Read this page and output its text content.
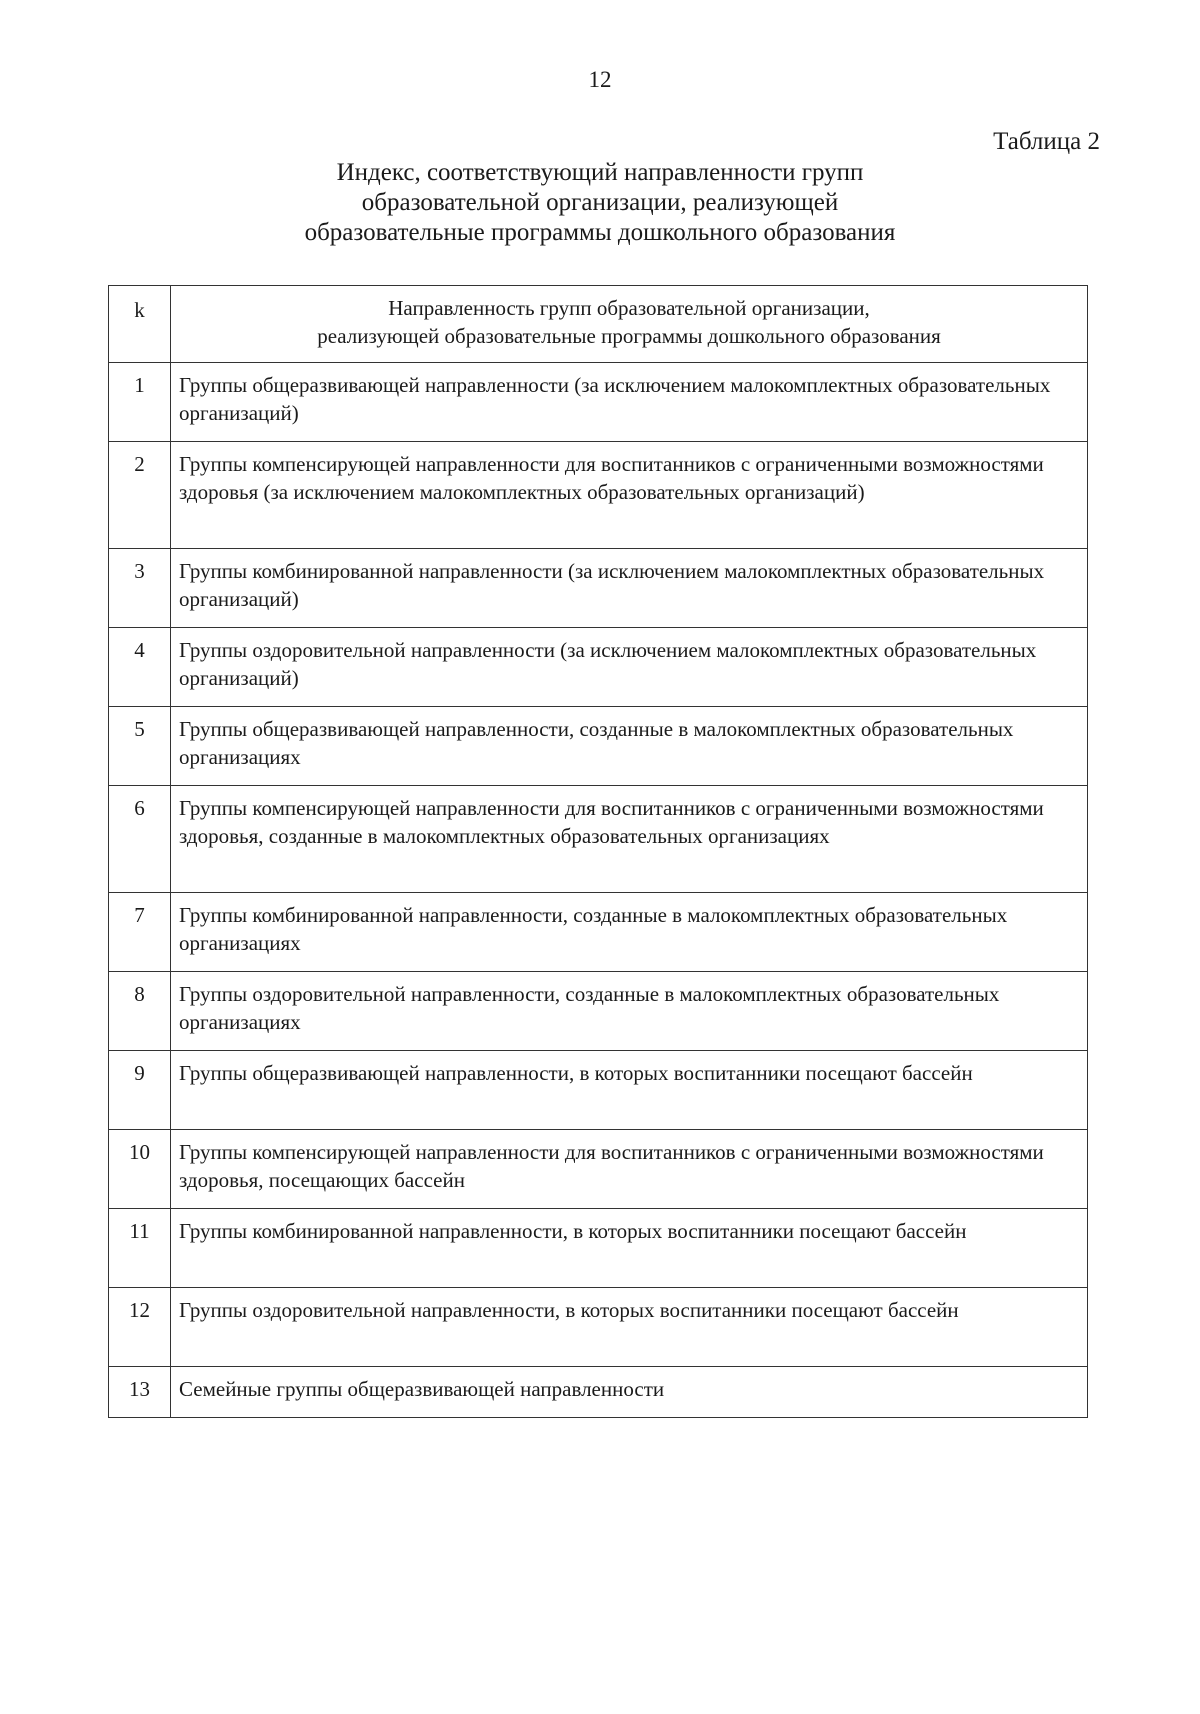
12
Таблица 2
Индекс, соответствующий направленности групп
образовательной организации, реализующей
образовательные программы дошкольного образования
k	Направленность групп образовательной организации,
реализующей образовательные программы дошкольного образования

1	Группы общеразвивающей направленности (за исключением малокомплектных образовательных организаций)
2	Группы компенсирующей направленности для воспитанников с ограниченными возможностями здоровья (за исключением малокомплектных образовательных организаций)
3	Группы комбинированной направленности (за исключением малокомплектных образовательных организаций)
4	Группы оздоровительной направленности (за исключением малокомплектных образовательных организаций)
5	Группы общеразвивающей направленности, созданные в малокомплектных образовательных организациях
6	Группы компенсирующей направленности для воспитанников с ограниченными возможностями здоровья, созданные в малокомплектных образовательных организациях
7	Группы комбинированной направленности, созданные в малокомплектных образовательных организациях
8	Группы оздоровительной направленности, созданные в малокомплектных образовательных организациях
9	Группы общеразвивающей направленности, в которых воспитанники посещают бассейн
10	Группы компенсирующей направленности для воспитанников с ограниченными возможностями здоровья, посещающих бассейн
11	Группы комбинированной направленности, в которых воспитанники посещают бассейн
12	Группы оздоровительной направленности, в которых воспитанники посещают бассейн
13	Семейные группы общеразвивающей направленности
